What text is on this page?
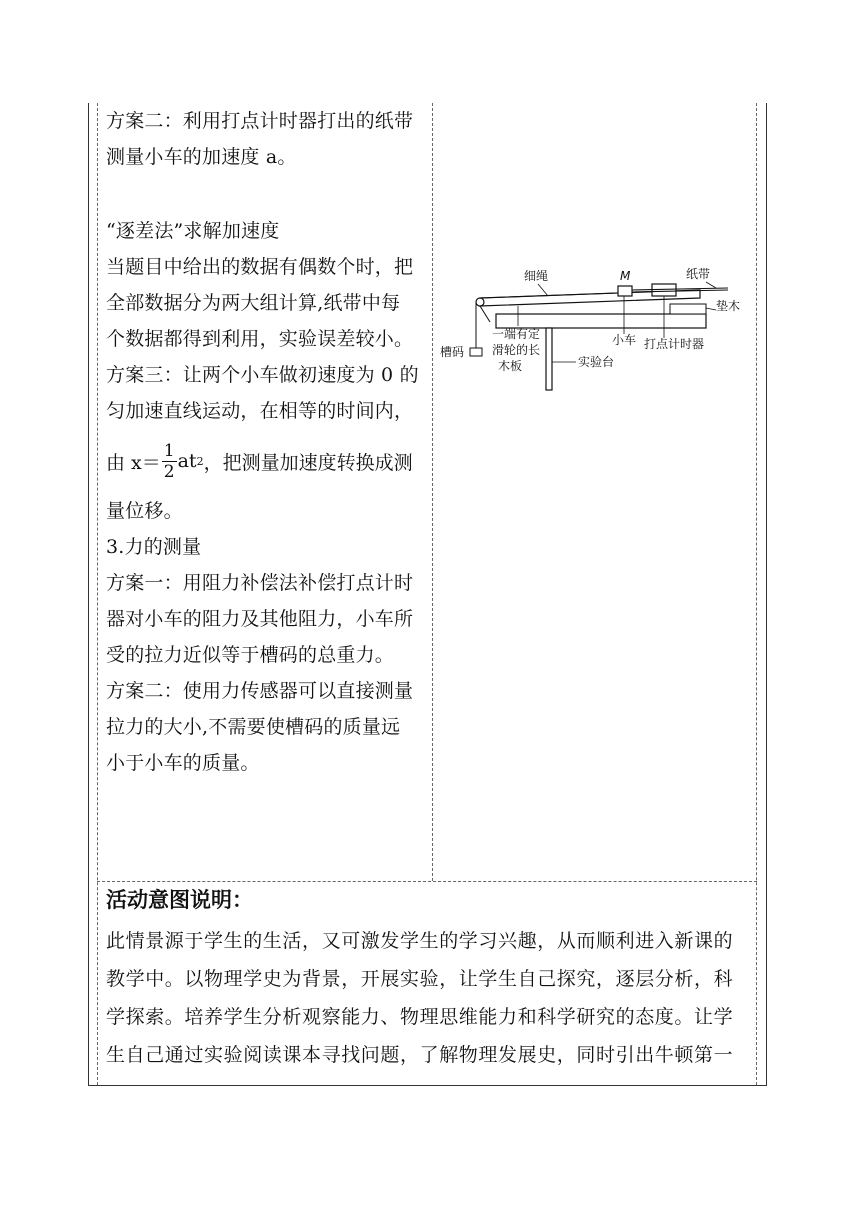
方案二：利用打点计时器打出的纸带
测量小车的加速度 a。
“逐差法”求解加速度
当题目中给出的数据有偶数个时，把
全部数据分为两大组计算,纸带中每
个数据都得到利用，实验误差较小。
方案三：让两个小车做初速度为 0 的
匀加速直线运动，在相等的时间内，
由 $x= \frac{1}{2}$ at 2 ，把测量加速度转换成测
量位移。
3.力的测量
方案一：用阻力补偿法补偿打点计时
器对小车的阻力及其他阻力，小车所
受的拉力近似等于槽码的总重力。
方案二：使用力传感器可以直接测量
拉力的大小,不需要使槽码的质量远
小于小车的质量。
细绳	M	纸带
垫木
小车 打点计时器
槽码
一端有定
滑轮的长
木板	实验台
活动意图说明：
此情景源于学生的生活，又可激发学生的学习兴趣，从而顺利进入新课的
教学中。以物理学史为背景，开展实验，让学生自己探究，逐层分析，科
学探索。培养学生分析观察能力、物理思维能力和科学研究的态度。让学
生自己通过实验阅读课本寻找问题，了解物理发展史，同时引出牛顿第一
